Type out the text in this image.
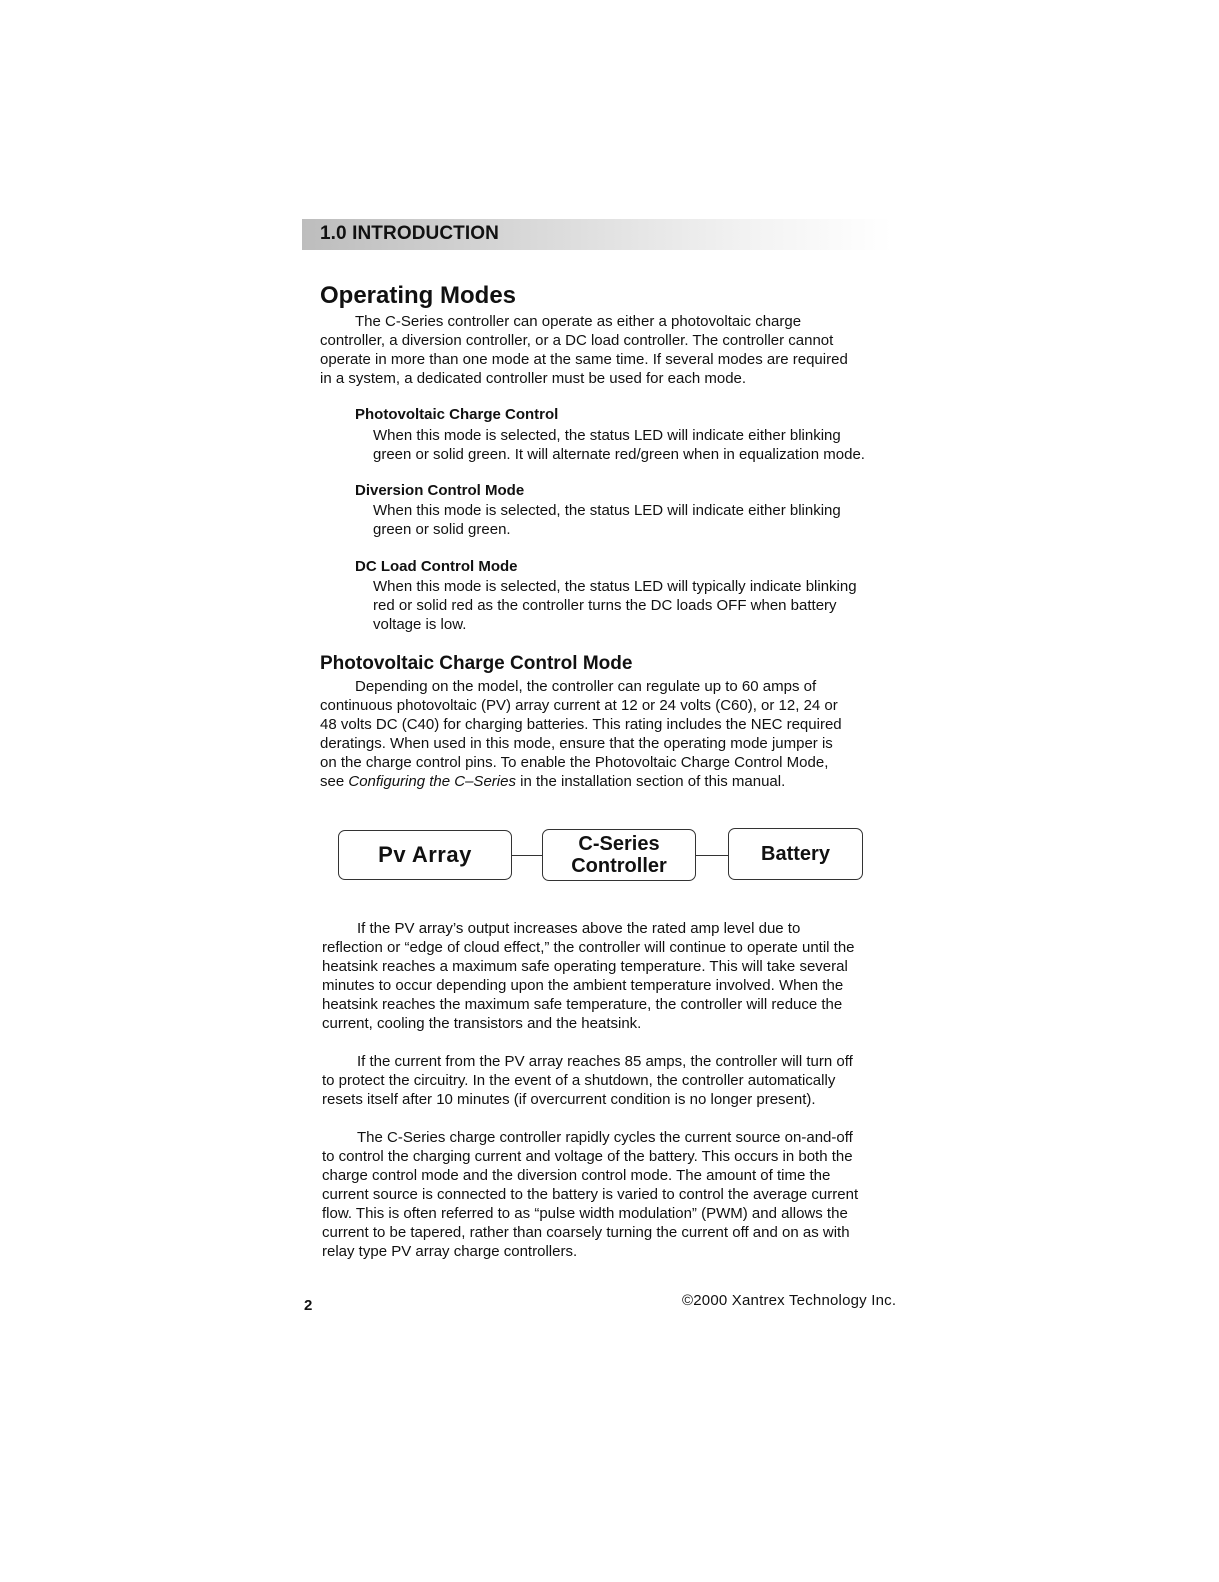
1.0 INTRODUCTION
Operating Modes
The C-Series controller can operate as either a photovoltaic charge
controller, a diversion controller, or a DC load controller. The controller cannot
operate in more than one mode at the same time. If several modes are required
in a system, a dedicated controller must be used for each mode.
Photovoltaic Charge Control
When this mode is selected, the status LED will indicate either blinking
green or solid green. It will alternate red/green when in equalization mode.
Diversion Control Mode
When this mode is selected, the status LED will indicate either blinking
green or solid green.
DC Load Control Mode
When this mode is selected, the status LED will typically indicate blinking
red or solid red as the controller turns the DC loads OFF when battery
voltage is low.
Photovoltaic Charge Control Mode
Depending on the model, the controller can regulate up to 60 amps of
continuous photovoltaic (PV) array current at 12 or 24 volts (C60), or 12, 24 or
48 volts DC (C40) for charging batteries. This rating includes the NEC required
deratings. When used in this mode, ensure that the operating mode jumper is
on the charge control pins. To enable the Photovoltaic Charge Control Mode,
see Configuring the C–Series in the installation section of this manual.
Pv Array	C-Series
Controller
Battery
If the PV array’s output increases above the rated amp level due to
reflection or “edge of cloud effect,” the controller will continue to operate until the
heatsink reaches a maximum safe operating temperature. This will take several
minutes to occur depending upon the ambient temperature involved. When the
heatsink reaches the maximum safe temperature, the controller will reduce the
current, cooling the transistors and the heatsink.
If the current from the PV array reaches 85 amps, the controller will turn off
to protect the circuitry. In the event of a shutdown, the controller automatically
resets itself after 10 minutes (if overcurrent condition is no longer present).
The C-Series charge controller rapidly cycles the current source on-and-off
to control the charging current and voltage of the battery. This occurs in both the
charge control mode and the diversion control mode. The amount of time the
current source is connected to the battery is varied to control the average current
flow. This is often referred to as “pulse width modulation” (PWM) and allows the
current to be tapered, rather than coarsely turning the current off and on as with
relay type PV array charge controllers.
2	©2000 Xantrex Technology Inc.
